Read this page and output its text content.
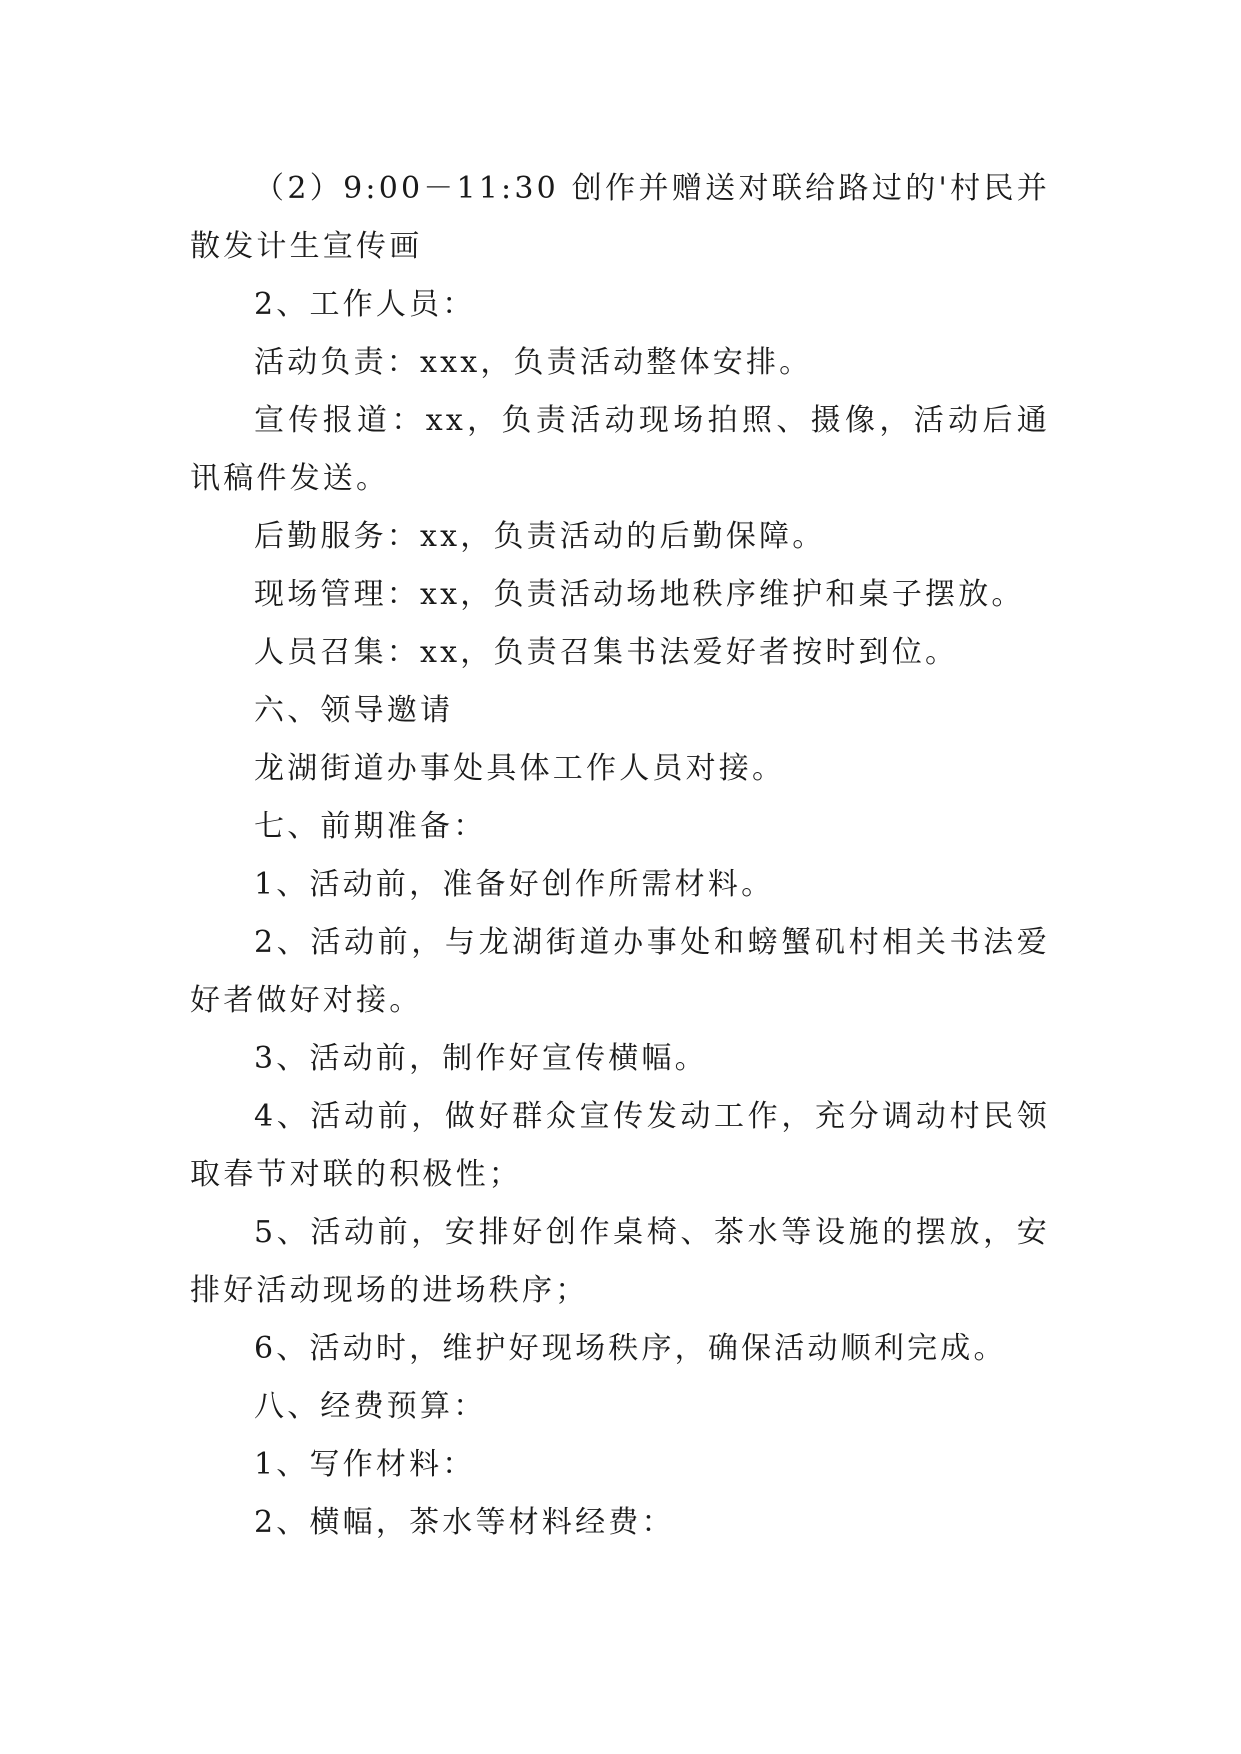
（2）9:00－11:30 创作并赠送对联给路过的'村民并散发计生宣传画

2、工作人员：

活动负责：xxx，负责活动整体安排。

宣传报道：xx，负责活动现场拍照、摄像，活动后通讯稿件发送。

后勤服务：xx，负责活动的后勤保障。

现场管理：xx，负责活动场地秩序维护和桌子摆放。

人员召集：xx，负责召集书法爱好者按时到位。

六、领导邀请

龙湖街道办事处具体工作人员对接。

七、前期准备：

1、活动前，准备好创作所需材料。

2、活动前，与龙湖街道办事处和螃蟹矶村相关书法爱好者做好对接。

3、活动前，制作好宣传横幅。

4、活动前，做好群众宣传发动工作，充分调动村民领取春节对联的积极性；

5、活动前，安排好创作桌椅、茶水等设施的摆放，安排好活动现场的进场秩序；

6、活动时，维护好现场秩序，确保活动顺利完成。

八、经费预算：

1、写作材料：

2、横幅，茶水等材料经费：
